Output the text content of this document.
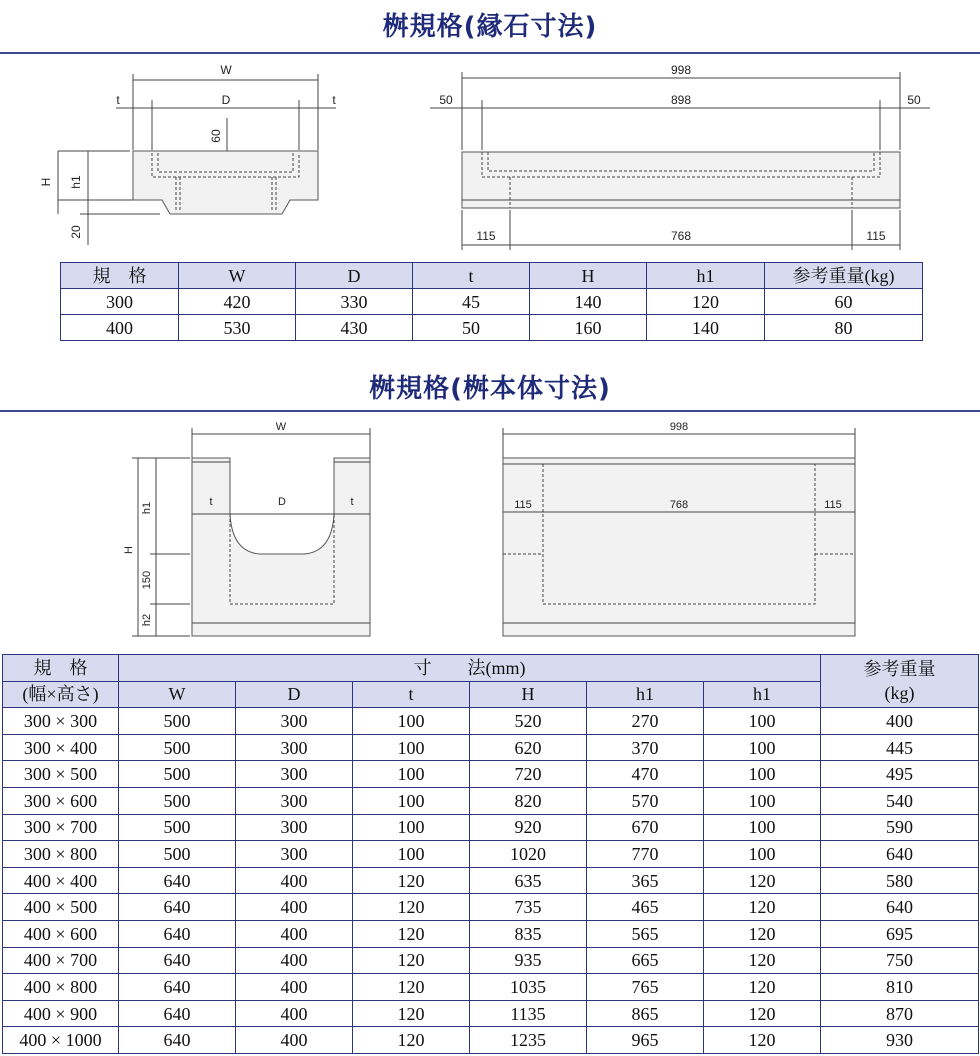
桝規格(縁石寸法)
W
t	D	t
60
H h1
20
998
50	898	50
115	768	115
規　格	W	D	t	H	h1	参考重量(kg)
300	420	330	45	140	120	60
400	530	430	50	160	140	80
桝規格(桝本体寸法)
W
t	D	t
h1
H
150
h2
998
115	768	115
規　格	寸　　法(mm)						参考重量
(kg)

(幅×高さ)	W	D	t	H	h1	h1	
300 × 300	500	300	100	520	270	100	400
300 × 400	500	300	100	620	370	100	445
300 × 500	500	300	100	720	470	100	495
300 × 600	500	300	100	820	570	100	540
300 × 700	500	300	100	920	670	100	590
300 × 800	500	300	100	1020	770	100	640
400 × 400	640	400	120	635	365	120	580
400 × 500	640	400	120	735	465	120	640
400 × 600	640	400	120	835	565	120	695
400 × 700	640	400	120	935	665	120	750
400 × 800	640	400	120	1035	765	120	810
400 × 900	640	400	120	1135	865	120	870
400 × 1000	640	400	120	1235	965	120	930
